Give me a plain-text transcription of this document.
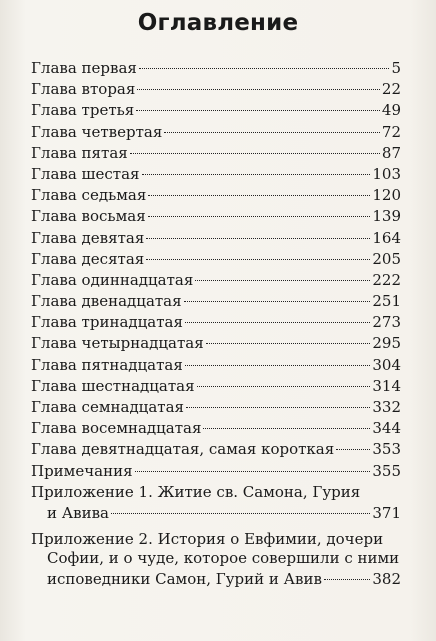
Оглавление
Глава первая	5
Глава вторая	22
Глава третья	49
Глава четвертая	72
Глава пятая	87
Глава шестая	103
Глава седьмая	120
Глава восьмая	139
Глава девятая	164
Глава десятая	205
Глава одиннадцатая	222
Глава двенадцатая	251
Глава тринадцатая	273
Глава четырнадцатая	295
Глава пятнадцатая	304
Глава шестнадцатая	314
Глава семнадцатая	332
Глава восемнадцатая	344
Глава девятнадцатая, самая короткая	353
Примечания	355
Приложение 1. Житие св. Самона, Гурия
и Авива	371
Приложение 2. История о Евфимии, дочери
Софии, и о чуде, которое совершили с ними
исповедники Самон, Гурий и Авив	382
